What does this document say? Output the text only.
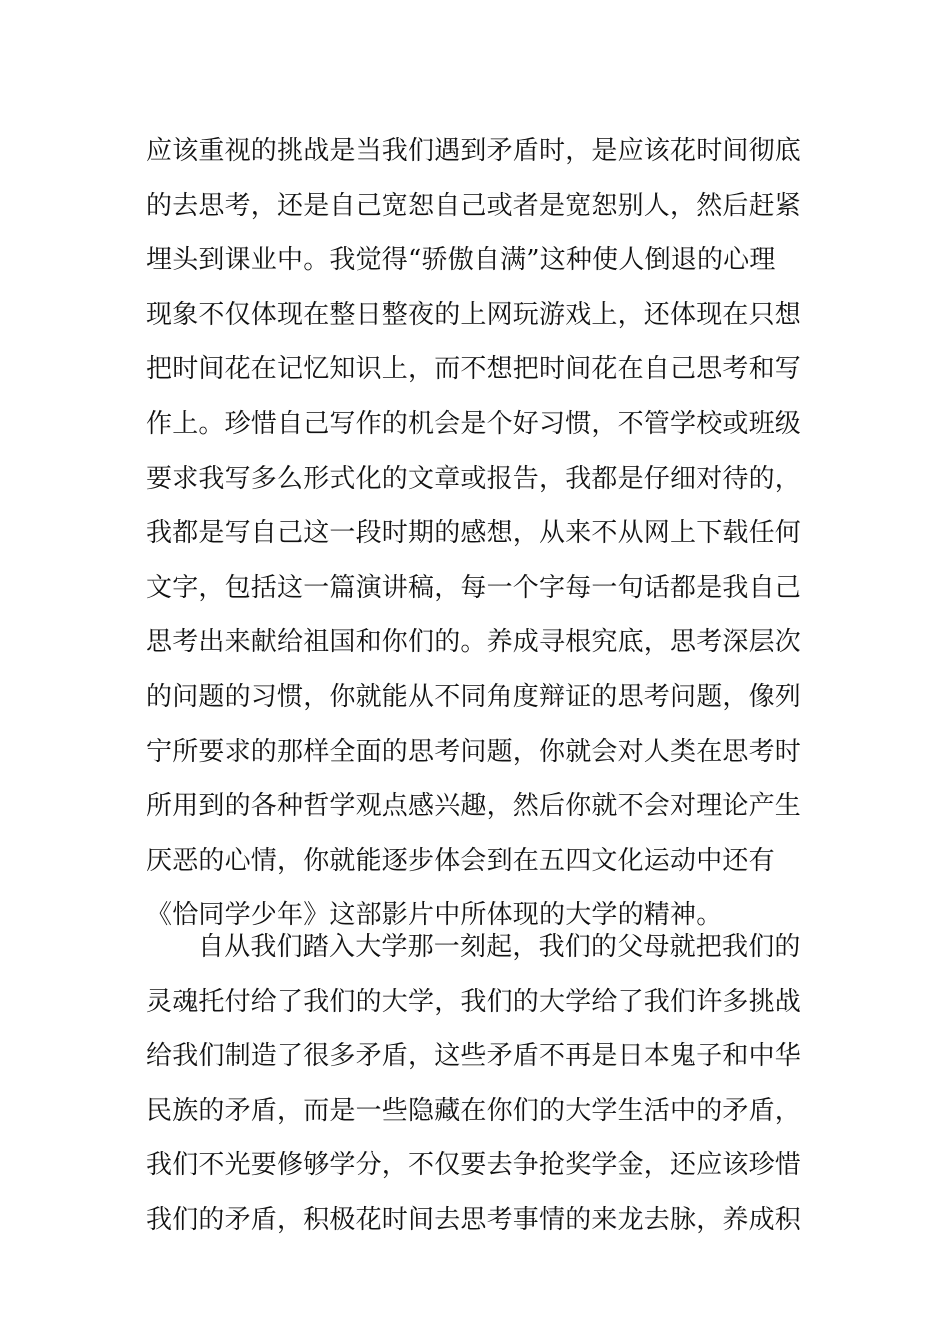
应该重视的挑战是当我们遇到矛盾时，是应该花时间彻底
的去思考，还是自己宽恕自己或者是宽恕别人，然后赶紧
埋头到课业中。我觉得“骄傲自满”这种使人倒退的心理
现象不仅体现在整日整夜的上网玩游戏上，还体现在只想
把时间花在记忆知识上，而不想把时间花在自己思考和写
作上。珍惜自己写作的机会是个好习惯，不管学校或班级
要求我写多么形式化的文章或报告，我都是仔细对待的，
我都是写自己这一段时期的感想，从来不从网上下载任何
文字，包括这一篇演讲稿，每一个字每一句话都是我自己
思考出来献给祖国和你们的。养成寻根究底，思考深层次
的问题的习惯，你就能从不同角度辩证的思考问题，像列
宁所要求的那样全面的思考问题，你就会对人类在思考时
所用到的各种哲学观点感兴趣，然后你就不会对理论产生
厌恶的心情，你就能逐步体会到在五四文化运动中还有
《恰同学少年》这部影片中所体现的大学的精神。
自从我们踏入大学那一刻起，我们的父母就把我们的
灵魂托付给了我们的大学，我们的大学给了我们许多挑战
给我们制造了很多矛盾，这些矛盾不再是日本鬼子和中华
民族的矛盾，而是一些隐藏在你们的大学生活中的矛盾，
我们不光要修够学分，不仅要去争抢奖学金，还应该珍惜
我们的矛盾，积极花时间去思考事情的来龙去脉，养成积
